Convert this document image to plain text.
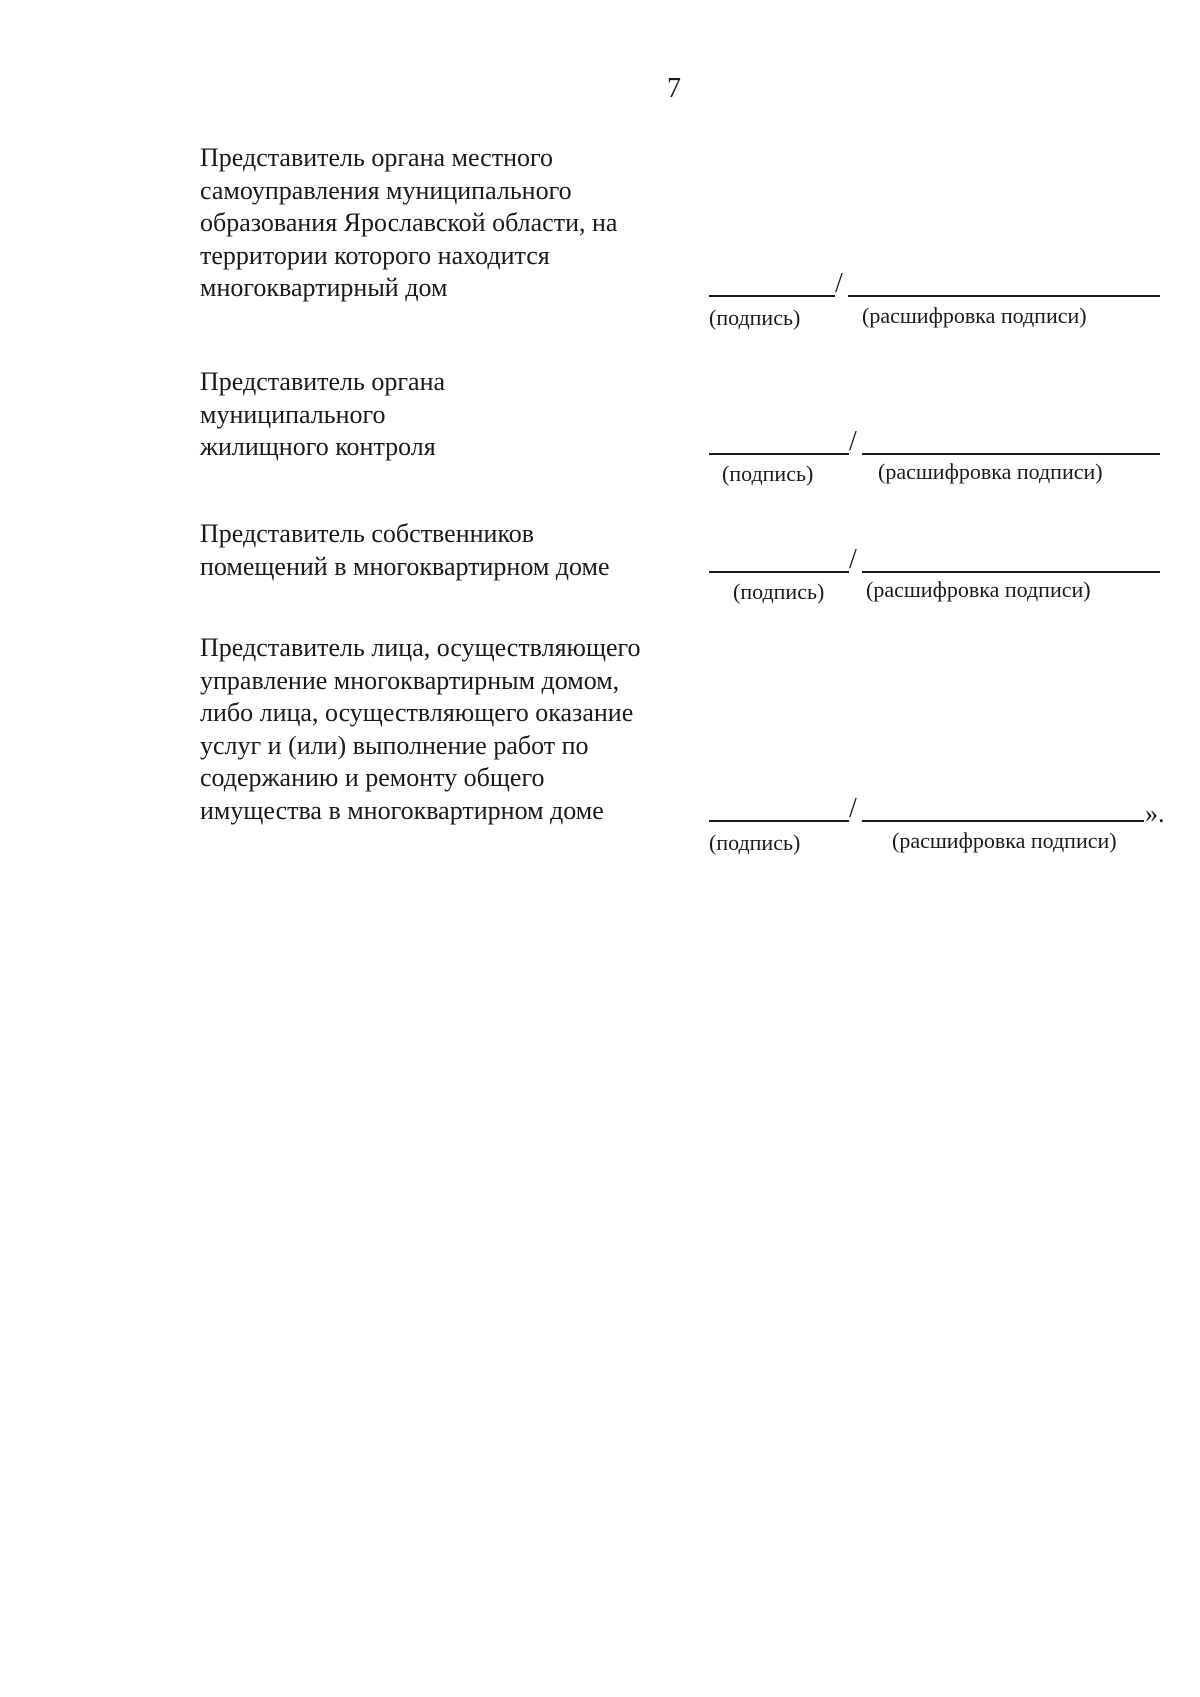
7
Представитель органа местного
самоуправления муниципального
образования Ярославской области, на
территории которого находится
многоквартирный дом	/
(подпись)	(расшифровка подписи)
Представитель органа
муниципального
жилищного контроля	/
(подпись)	(расшифровка подписи)
Представитель собственников
помещений в многоквартирном доме	/
(подпись) (расшифровка подписи)
Представитель лица, осуществляющего
управление многоквартирным домом,
либо лица, осуществляющего оказание
услуг и (или) выполнение работ по
содержанию и ремонту общего
имущества в многоквартирном доме	/	».
(подпись)	(расшифровка подписи)
